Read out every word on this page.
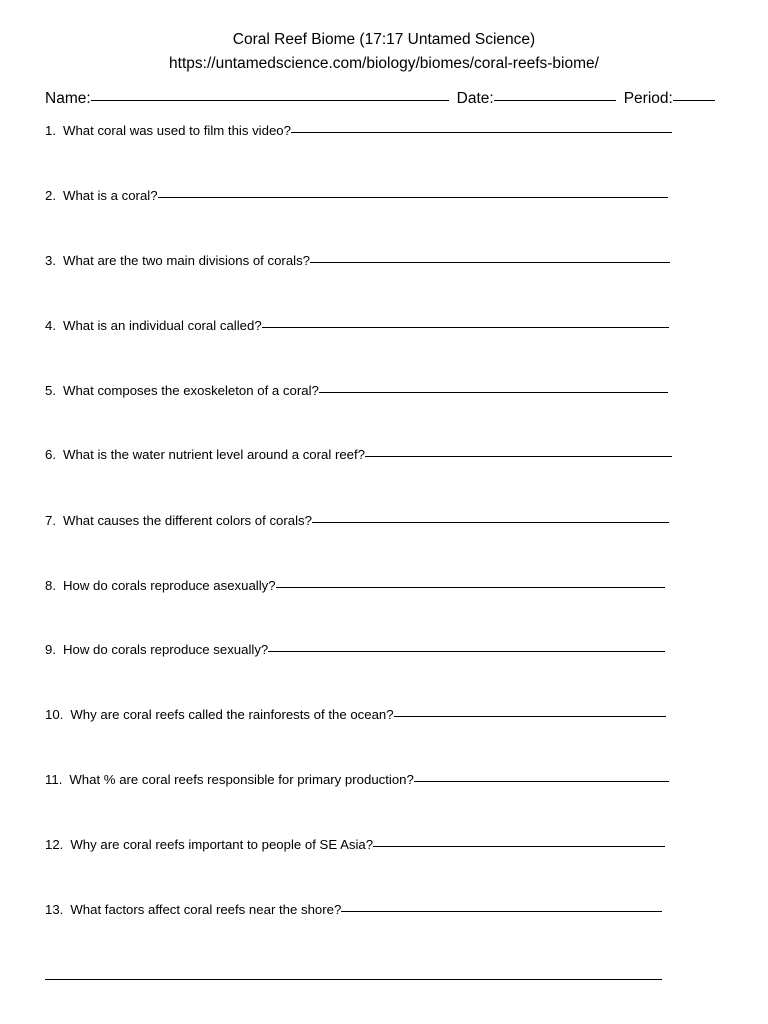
Coral Reef Biome (17:17 Untamed Science)
https://untamedscience.com/biology/biomes/coral-reefs-biome/
Name:	Date:	Period:
1. What coral was used to film this video?
2. What is a coral?
3. What are the two main divisions of corals?
4. What is an individual coral called?
5. What composes the exoskeleton of a coral?
6. What is the water nutrient level around a coral reef?
7. What causes the different colors of corals?
8. How do corals reproduce asexually?
9. How do corals reproduce sexually?
10. Why are coral reefs called the rainforests of the ocean?
11. What % are coral reefs responsible for primary production?
12. Why are coral reefs important to people of SE Asia?
13. What factors affect coral reefs near the shore?
